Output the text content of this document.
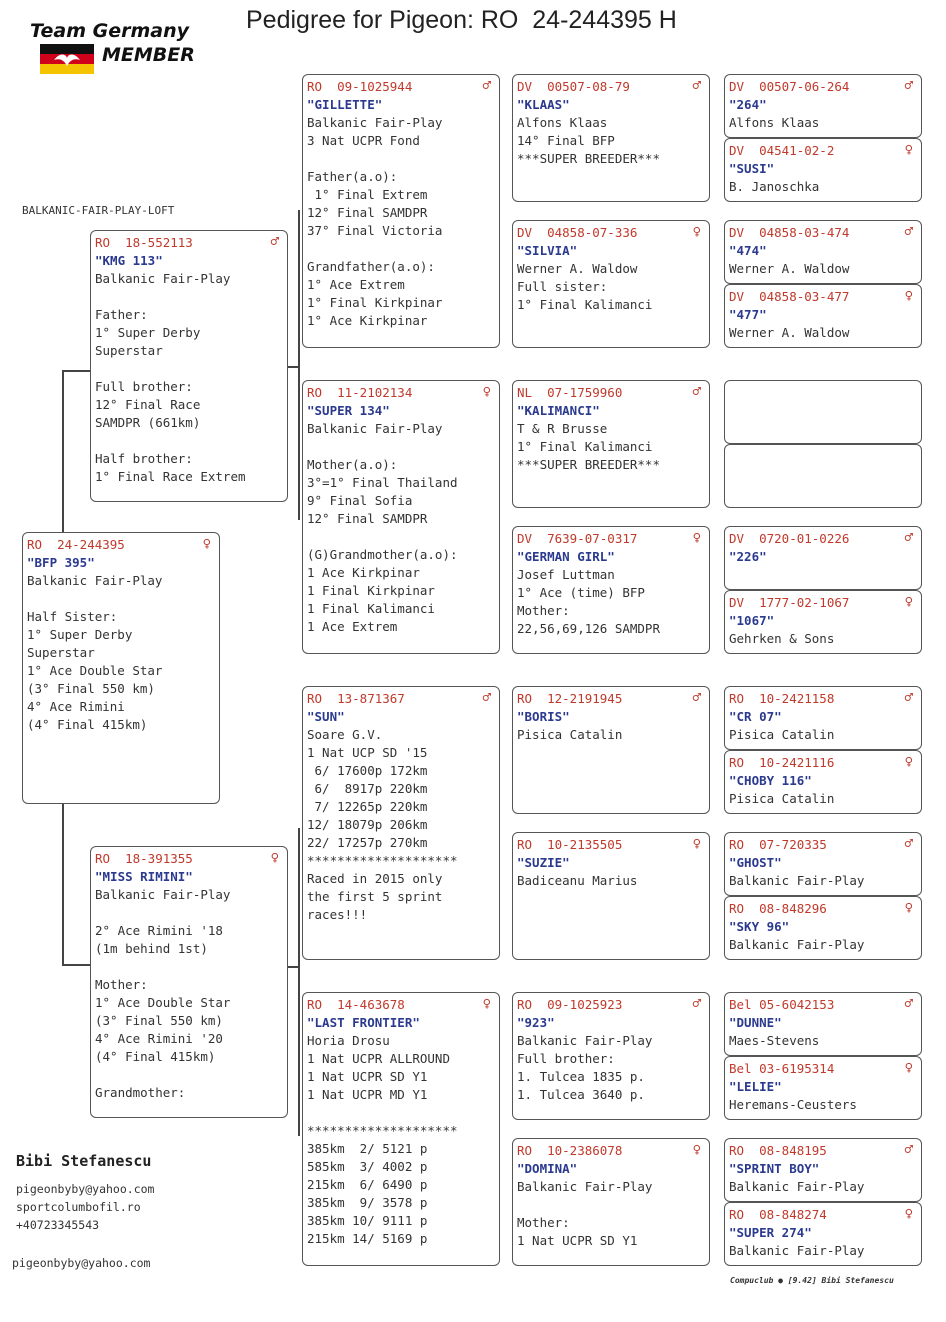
Pedigree for Pigeon: RO  24-244395 H
Team Germany
MEMBER
BALKANIC-FAIR-PLAY-LOFT
RO  24-244395	♀
"BFP 395"
Balkanic Fair-Play
Half Sister:
1° Super Derby
Superstar
1° Ace Double Star
(3° Final 550 km)
4° Ace Rimini
(4° Final 415km)
RO  18-552113	♂
"KMG 113"
Balkanic Fair-Play
Father:
1° Super Derby
Superstar
Full brother:
12° Final Race
SAMDPR (661km)
Half brother:
1° Final Race Extrem
RO  18-391355	♀
"MISS RIMINI"
Balkanic Fair-Play
2° Ace Rimini '18
(1m behind 1st)
Mother:
1° Ace Double Star
(3° Final 550 km)
4° Ace Rimini '20
(4° Final 415km)
Grandmother:
RO  09-1025944	♂
"GILLETTE"
Balkanic Fair-Play
3 Nat UCPR Fond
Father(a.o):
1° Final Extrem
12° Final SAMDPR
37° Final Victoria
Grandfather(a.o):
1° Ace Extrem
1° Final Kirkpinar
1° Ace Kirkpinar
RO  11-2102134	♀
"SUPER 134"
Balkanic Fair-Play
Mother(a.o):
3°=1° Final Thailand
9° Final Sofia
12° Final SAMDPR
(G)Grandmother(a.o):
1 Ace Kirkpinar
1 Final Kirkpinar
1 Final Kalimanci
1 Ace Extrem
RO  13-871367	♂
"SUN"
Soare G.V.
1 Nat UCP SD '15
6/ 17600p 172km
6/  8917p 220km
7/ 12265p 220km
12/ 18079p 206km
22/ 17257p 270km
********************
Raced in 2015 only
the first 5 sprint
races!!!
RO  14-463678	♀
"LAST FRONTIER"
Horia Drosu
1 Nat UCPR ALLROUND
1 Nat UCPR SD Y1
1 Nat UCPR MD Y1
********************
385km  2/ 5121 p
585km  3/ 4002 p
215km  6/ 6490 p
385km  9/ 3578 p
385km 10/ 9111 p
215km 14/ 5169 p
DV  00507-08-79	♂
"KLAAS"
Alfons Klaas
14° Final BFP
***SUPER BREEDER***
DV  04858-07-336	♀
"SILVIA"
Werner A. Waldow
Full sister:
1° Final Kalimanci
NL  07-1759960	♂
"KALIMANCI"
T & R Brusse
1° Final Kalimanci
***SUPER BREEDER***
DV  7639-07-0317	♀
"GERMAN GIRL"
Josef Luttman
1° Ace (time) BFP
Mother:
22,56,69,126 SAMDPR
RO  12-2191945	♂
"BORIS"
Pisica Catalin
RO  10-2135505	♀
"SUZIE"
Badiceanu Marius
RO  09-1025923	♂
"923"
Balkanic Fair-Play
Full brother:
1. Tulcea 1835 p.
1. Tulcea 3640 p.
RO  10-2386078	♀
"DOMINA"
Balkanic Fair-Play
Mother:
1 Nat UCPR SD Y1
DV  00507-06-264	♂
"264"
Alfons Klaas
DV  04541-02-2	♀
"SUSI"
B. Janoschka
DV  04858-03-474	♂
"474"
Werner A. Waldow
DV  04858-03-477	♀
"477"
Werner A. Waldow
DV  0720-01-0226	♂
"226"
DV  1777-02-1067	♀
"1067"
Gehrken & Sons
RO  10-2421158	♂
"CR 07"
Pisica Catalin
RO  10-2421116	♀
"CHOBY 116"
Pisica Catalin
RO  07-720335	♂
"GHOST"
Balkanic Fair-Play
RO  08-848296	♀
"SKY 96"
Balkanic Fair-Play
Bel 05-6042153	♂
"DUNNE"
Maes-Stevens
Bel 03-6195314	♀
"LELIE"
Heremans-Ceusters
RO  08-848195	♂
"SPRINT BOY"
Balkanic Fair-Play
RO  08-848274	♀
"SUPER 274"
Balkanic Fair-Play
Bibi Stefanescu
pigeonbyby@yahoo.com
sportcolumbofil.ro
+40723345543
pigeonbyby@yahoo.com
Compuclub ● [9.42] Bibi Stefanescu
